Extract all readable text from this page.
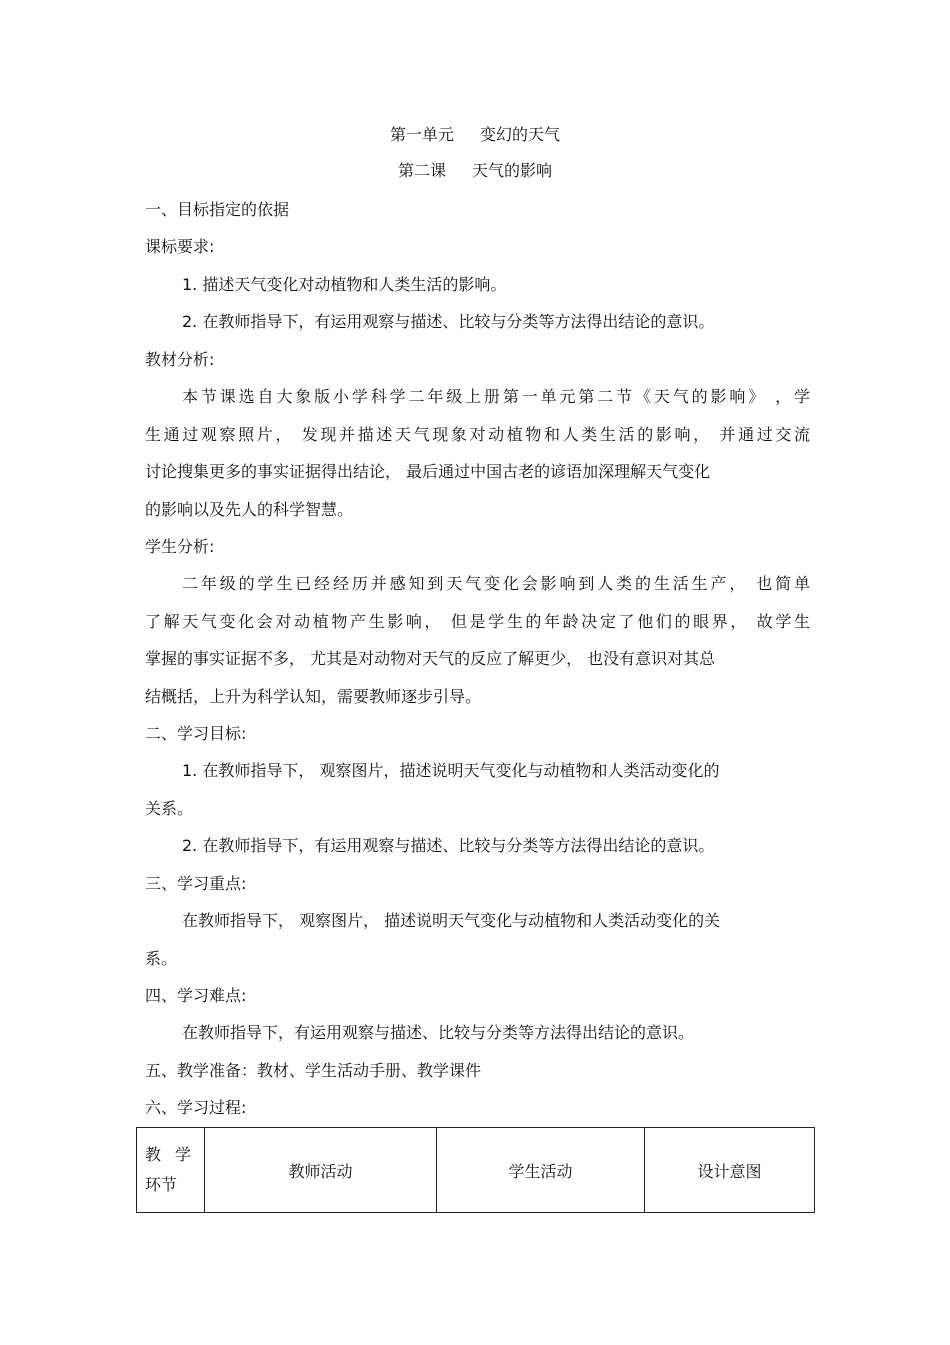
第一单元 变幻的天气
第二课 天气的影响
一、目标指定的依据
课标要求:
1. 描述天气变化对动植物和人类生活的影响。
2. 在教师指导下，有运用观察与描述、比较与分类等方法得出结论的意识。
教材分析:
本节课选自大象版小学科学二年级上册第一单元第二节《天气的影响》 ，学
生通过观察照片， 发现并描述天气现象对动植物和人类生活的影响， 并通过交流
讨论搜集更多的事实证据得出结论， 最后通过中国古老的谚语加深理解天气变化
的影响以及先人的科学智慧。
学生分析:
二年级的学生已经经历并感知到天气变化会影响到人类的生活生产， 也简单
了解天气变化会对动植物产生影响， 但是学生的年龄决定了他们的眼界， 故学生
掌握的事实证据不多， 尤其是对动物对天气的反应了解更少， 也没有意识对其总
结概括，上升为科学认知，需要教师逐步引导。
二、学习目标:
1. 在教师指导下， 观察图片，描述说明天气变化与动植物和人类活动变化的
关系。
2. 在教师指导下，有运用观察与描述、比较与分类等方法得出结论的意识。
三、学习重点:
在教师指导下， 观察图片， 描述说明天气变化与动植物和人类活动变化的关
系。
四、学习难点:
在教师指导下，有运用观察与描述、比较与分类等方法得出结论的意识。
五、教学准备：教材、学生活动手册、教学课件
六、学习过程:
教学
环节
	教师活动	学生活动	设计意图
